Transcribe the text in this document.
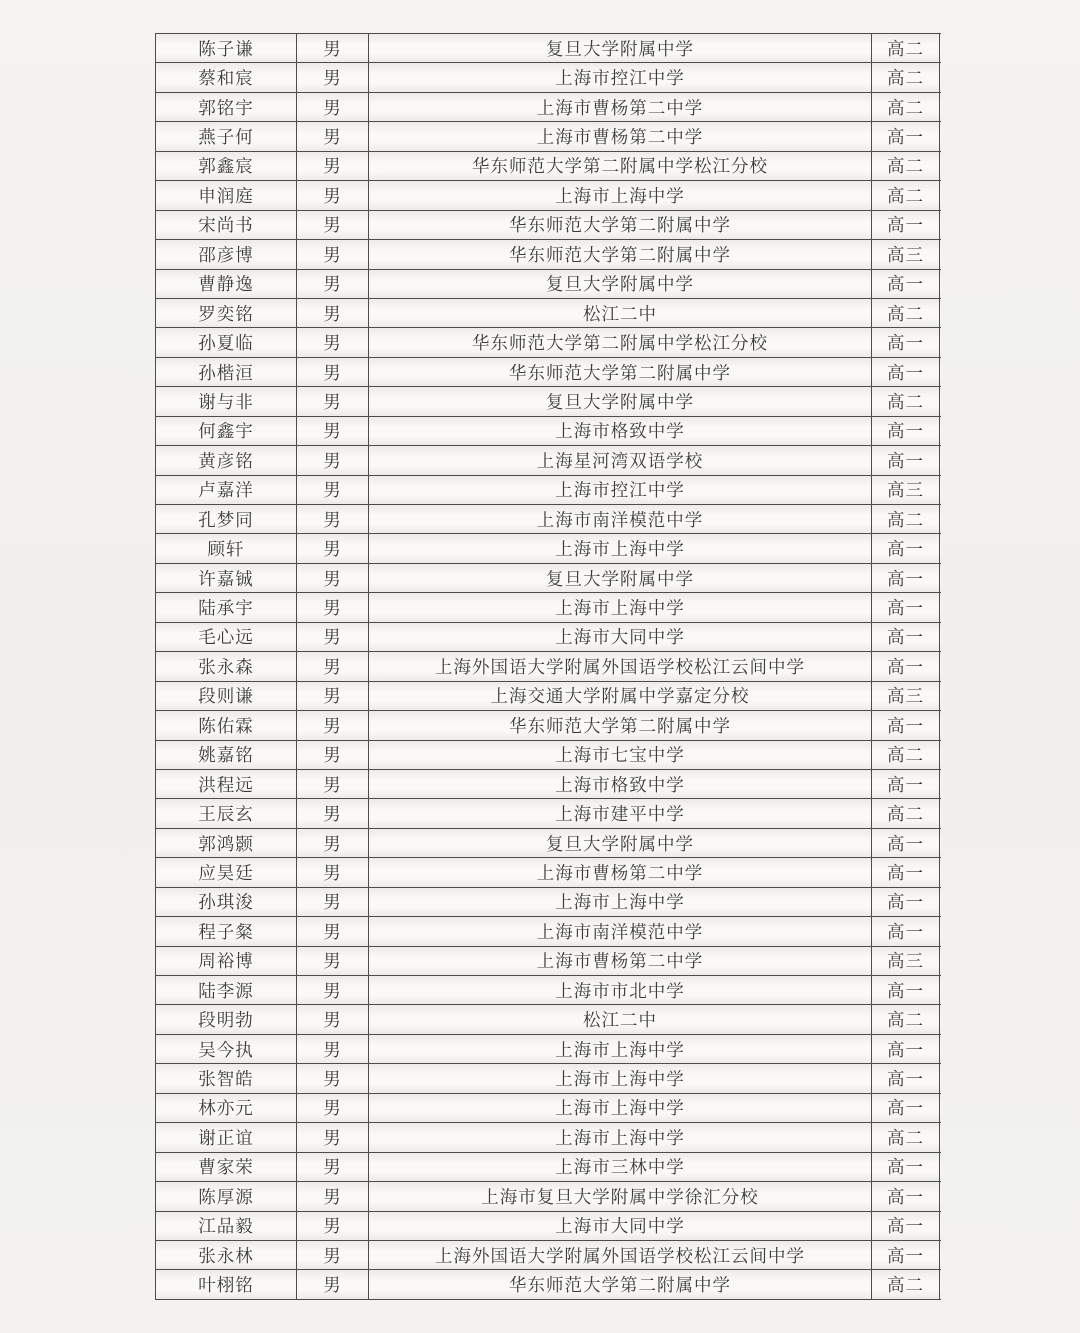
陈子谦	男	复旦大学附属中学	高二
蔡和宸	男	上海市控江中学	高二
郭铭宇	男	上海市曹杨第二中学	高二
燕子何	男	上海市曹杨第二中学	高一
郭鑫宸	男	华东师范大学第二附属中学松江分校	高二
申润庭	男	上海市上海中学	高二
宋尚书	男	华东师范大学第二附属中学	高一
邵彦博	男	华东师范大学第二附属中学	高三
曹静逸	男	复旦大学附属中学	高一
罗奕铭	男	松江二中	高二
孙夏临	男	华东师范大学第二附属中学松江分校	高一
孙楷洹	男	华东师范大学第二附属中学	高一
谢与非	男	复旦大学附属中学	高二
何鑫宇	男	上海市格致中学	高一
黄彦铭	男	上海星河湾双语学校	高一
卢嘉洋	男	上海市控江中学	高三
孔梦同	男	上海市南洋模范中学	高二
顾轩	男	上海市上海中学	高一
许嘉铖	男	复旦大学附属中学	高一
陆承宇	男	上海市上海中学	高一
毛心远	男	上海市大同中学	高一
张永森	男	上海外国语大学附属外国语学校松江云间中学	高一
段则谦	男	上海交通大学附属中学嘉定分校	高三
陈佑霖	男	华东师范大学第二附属中学	高一
姚嘉铭	男	上海市七宝中学	高二
洪程远	男	上海市格致中学	高一
王辰玄	男	上海市建平中学	高二
郭鸿颢	男	复旦大学附属中学	高一
应昊廷	男	上海市曹杨第二中学	高一
孙琪浚	男	上海市上海中学	高一
程子粲	男	上海市南洋模范中学	高一
周裕博	男	上海市曹杨第二中学	高三
陆李源	男	上海市市北中学	高一
段明勃	男	松江二中	高二
吴今执	男	上海市上海中学	高一
张智皓	男	上海市上海中学	高一
林亦元	男	上海市上海中学	高一
谢正谊	男	上海市上海中学	高二
曹家荣	男	上海市三林中学	高一
陈厚源	男	上海市复旦大学附属中学徐汇分校	高一
江品毅	男	上海市大同中学	高一
张永林	男	上海外国语大学附属外国语学校松江云间中学	高一
叶栩铭	男	华东师范大学第二附属中学	高二
